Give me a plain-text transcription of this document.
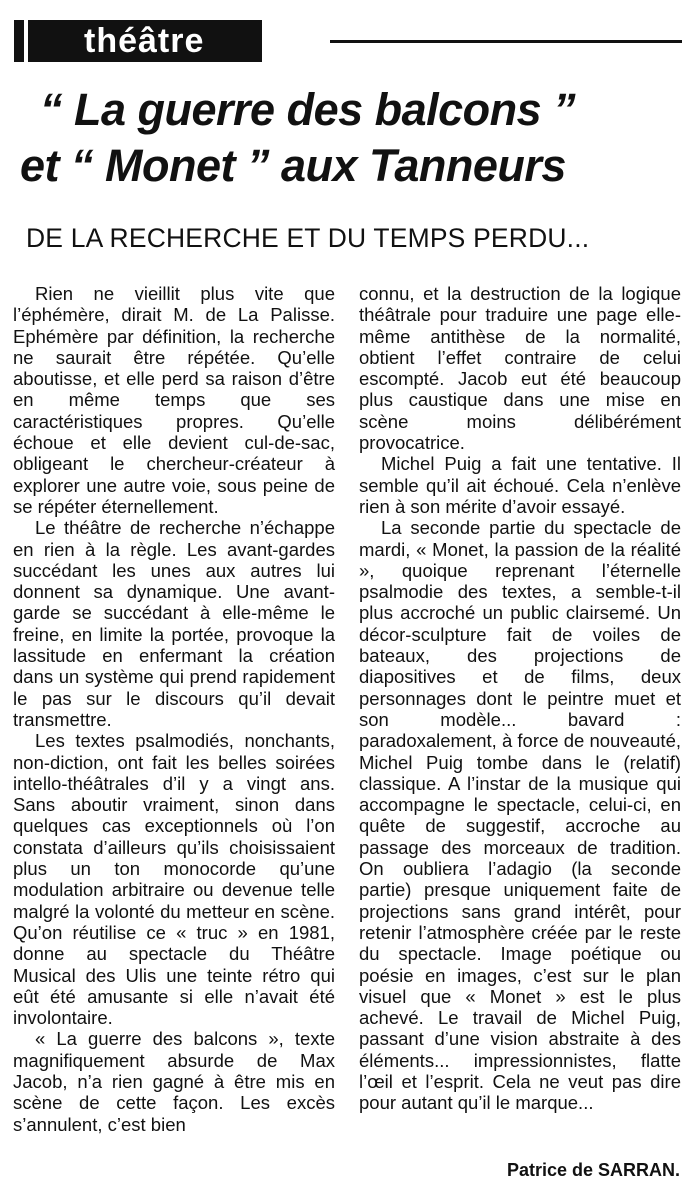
théâtre
“ La guerre des balcons ”
et “ Monet ” aux Tanneurs
DE LA RECHERCHE ET DU TEMPS PERDU...

Rien ne vieillit plus vite que l’éphémère, dirait M. de La Palisse. Ephémère par définition, la recherche ne saurait être répétée. Qu’elle aboutisse, et elle perd sa raison d’être en même temps que ses caractéristiques propres. Qu’elle échoue et elle devient cul-de-sac, obligeant le chercheur-créateur à explorer une autre voie, sous peine de se répéter éternellement.

Le théâtre de recherche n’échappe en rien à la règle. Les avant-gardes succédant les unes aux autres lui donnent sa dynamique. Une avant-garde se succédant à elle-même le freine, en limite la portée, provoque la lassitude en enfermant la création dans un système qui prend rapidement le pas sur le discours qu’il devait transmettre.

Les textes psalmodiés, nonchants, non-diction, ont fait les belles soirées intello-théâtrales d’il y a vingt ans. Sans aboutir vraiment, sinon dans quelques cas exceptionnels où l’on constata d’ailleurs qu’ils choisissaient plus un ton monocorde qu’une modulation arbitraire ou devenue telle malgré la volonté du metteur en scène. Qu’on réutilise ce « truc » en 1981, donne au spectacle du Théâtre Musical des Ulis une teinte rétro qui eût été amusante si elle n’avait été involontaire.

« La guerre des balcons », texte magnifiquement absurde de Max Jacob, n’a rien gagné à être mis en scène de cette façon. Les excès s’annulent, c’est bien

connu, et la destruction de la logique théâtrale pour traduire une page elle-même antithèse de la normalité, obtient l’effet contraire de celui escompté. Jacob eut été beaucoup plus caustique dans une mise en scène moins délibérément provocatrice.

Michel Puig a fait une tentative. Il semble qu’il ait échoué. Cela n’enlève rien à son mérite d’avoir essayé.

La seconde partie du spectacle de mardi, « Monet, la passion de la réalité », quoique reprenant l’éternelle psalmodie des textes, a semble-t-il plus accroché un public clairsemé. Un décor-sculpture fait de voiles de bateaux, des projections de diapositives et de films, deux personnages dont le peintre muet et son modèle... bavard : paradoxalement, à force de nouveauté, Michel Puig tombe dans le (relatif) classique. A l’instar de la musique qui accompagne le spectacle, celui-ci, en quête de suggestif, accroche au passage des morceaux de tradition. On oubliera l’adagio (la seconde partie) presque uniquement faite de projections sans grand intérêt, pour retenir l’atmosphère créée par le reste du spectacle. Image poétique ou poésie en images, c’est sur le plan visuel que « Monet » est le plus achevé. Le travail de Michel Puig, passant d’une vision abstraite à des éléments... impressionnistes, flatte l’œil et l’esprit. Cela ne veut pas dire pour autant qu’il le marque...

Patrice de SARRAN.
